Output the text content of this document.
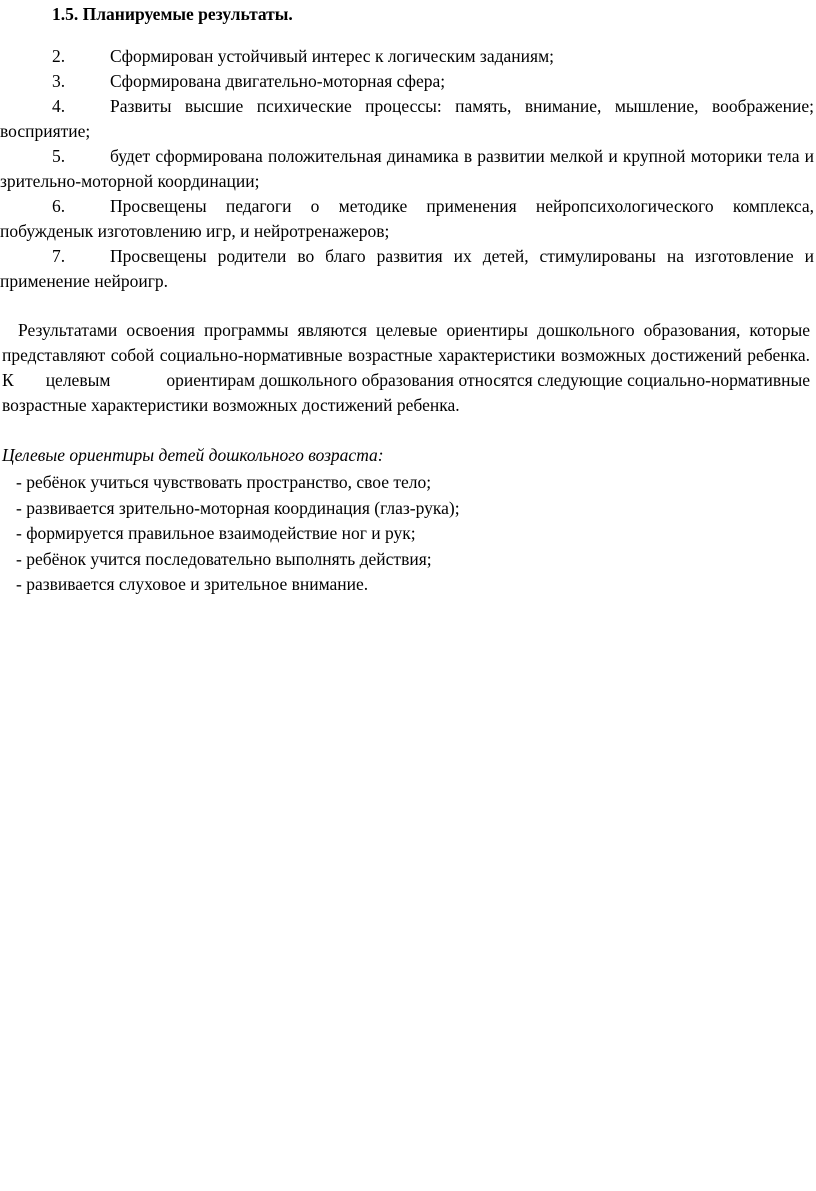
1.5. Планируемые результаты.

2.	Сформирован устойчивый интерес к логическим заданиям;
3.	Сформирована двигательно-моторная сфера;
4.	Развиты высшие психические процессы: память, внимание, мышление, воображение; восприятие;
5.	будет сформирована положительная динамика в развитии мелкой и крупной моторики тела и зрительно-моторной координации;
6.	Просвещены педагоги о методике применения нейропсихологического комплекса, побужденык изготовлению игр, и нейротренажеров;
7.	Просвещены родители во благо развития их детей, стимулированы на изготовление и применение нейроигр.

Результатами освоения программы являются целевые ориентиры дошкольного образования, которые представляют собой социально-нормативные возрастные характеристики возможных достижений ребенка. К целевым	ориентирам дошкольного образования относятся следующие социально-нормативные возрастные характеристики возможных достижений ребенка.

Целевые ориентиры детей дошкольного возраста:

- ребёнок учиться чувствовать пространство, свое тело;
- развивается зрительно-моторная координация (глаз-рука);
- формируется правильное взаимодействие ног и рук;
- ребёнок учится последовательно выполнять действия;
- развивается слуховое и зрительное внимание.
